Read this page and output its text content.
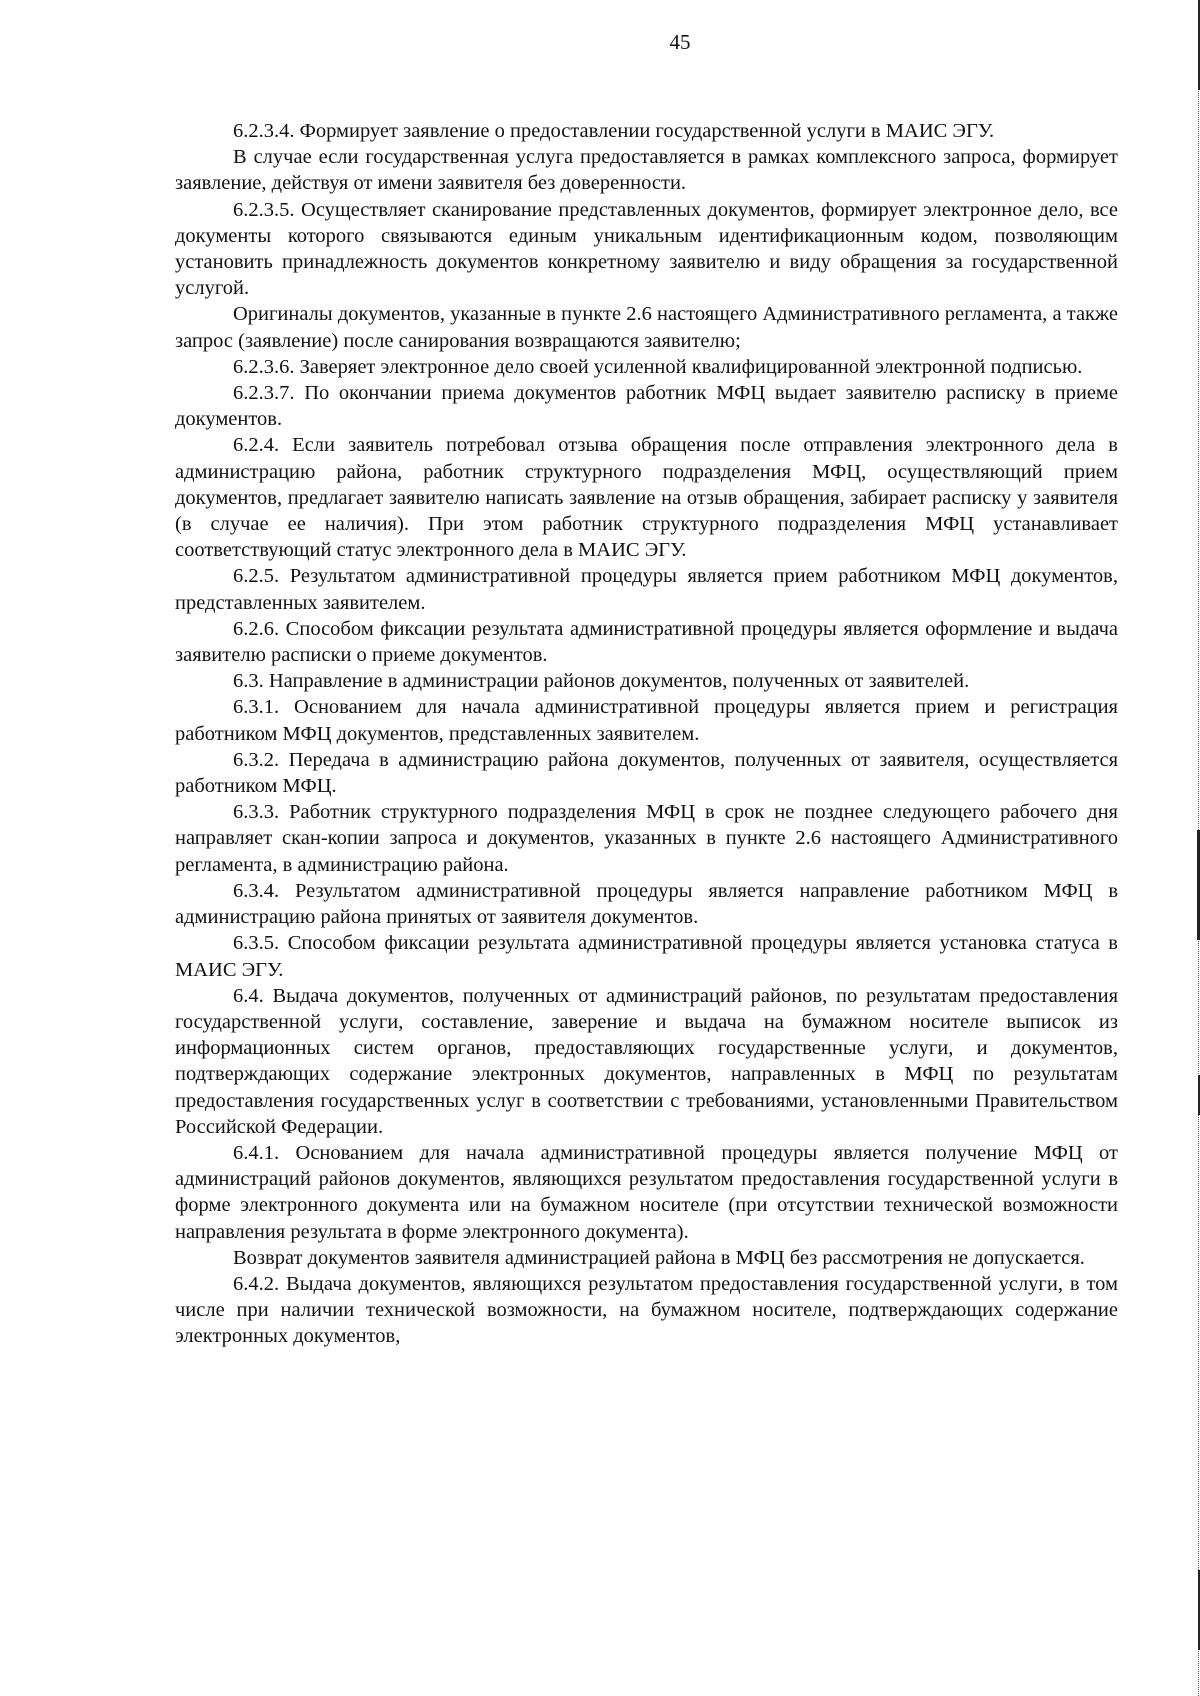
45

6.2.3.4. Формирует заявление о предоставлении государственной услуги в МАИС ЭГУ.

В случае если государственная услуга предоставляется в рамках комплексного запроса, формирует заявление, действуя от имени заявителя без доверенности.

6.2.3.5. Осуществляет сканирование представленных документов, формирует электронное дело, все документы которого связываются единым уникальным идентификационным кодом, позволяющим установить принадлежность документов конкретному заявителю и виду обращения за государственной услугой.

Оригиналы документов, указанные в пункте 2.6 настоящего Административного регламента, а также запрос (заявление) после санирования возвращаются заявителю;

6.2.3.6. Заверяет электронное дело своей усиленной квалифицированной электронной подписью.

6.2.3.7. По окончании приема документов работник МФЦ выдает заявителю расписку в приеме документов.

6.2.4. Если заявитель потребовал отзыва обращения после отправления электронного дела в администрацию района, работник структурного подразделения МФЦ, осуществляющий прием документов, предлагает заявителю написать заявление на отзыв обращения, забирает расписку у заявителя (в случае ее наличия). При этом работник структурного подразделения МФЦ устанавливает соответствующий статус электронного дела в МАИС ЭГУ.

6.2.5. Результатом административной процедуры является прием работником МФЦ документов, представленных заявителем.

6.2.6. Способом фиксации результата административной процедуры является оформление и выдача заявителю расписки о приеме документов.

6.3. Направление в администрации районов документов, полученных от заявителей.

6.3.1. Основанием для начала административной процедуры является прием и регистрация работником МФЦ документов, представленных заявителем.

6.3.2. Передача в администрацию района документов, полученных от заявителя, осуществляется работником МФЦ.

6.3.3. Работник структурного подразделения МФЦ в срок не позднее следующего рабочего дня направляет скан-копии запроса и документов, указанных в пункте 2.6 настоящего Административного регламента, в администрацию района.

6.3.4. Результатом административной процедуры является направление работником МФЦ в администрацию района принятых от заявителя документов.

6.3.5. Способом фиксации результата административной процедуры является установка статуса в МАИС ЭГУ.

6.4. Выдача документов, полученных от администраций районов, по результатам предоставления государственной услуги, составление, заверение и выдача на бумажном носителе выписок из информационных систем органов, предоставляющих государственные услуги, и документов, подтверждающих содержание электронных документов, направленных в МФЦ по результатам предоставления государственных услуг в соответствии с требованиями, установленными Правительством Российской Федерации.

6.4.1. Основанием для начала административной процедуры является получение МФЦ от администраций районов документов, являющихся результатом предоставления государственной услуги в форме электронного документа или на бумажном носителе (при отсутствии технической возможности направления результата в форме электронного документа).

Возврат документов заявителя администрацией района в МФЦ без рассмотрения не допускается.

6.4.2. Выдача документов, являющихся результатом предоставления государственной услуги, в том числе при наличии технической возможности, на бумажном носителе, подтверждающих содержание электронных документов,
